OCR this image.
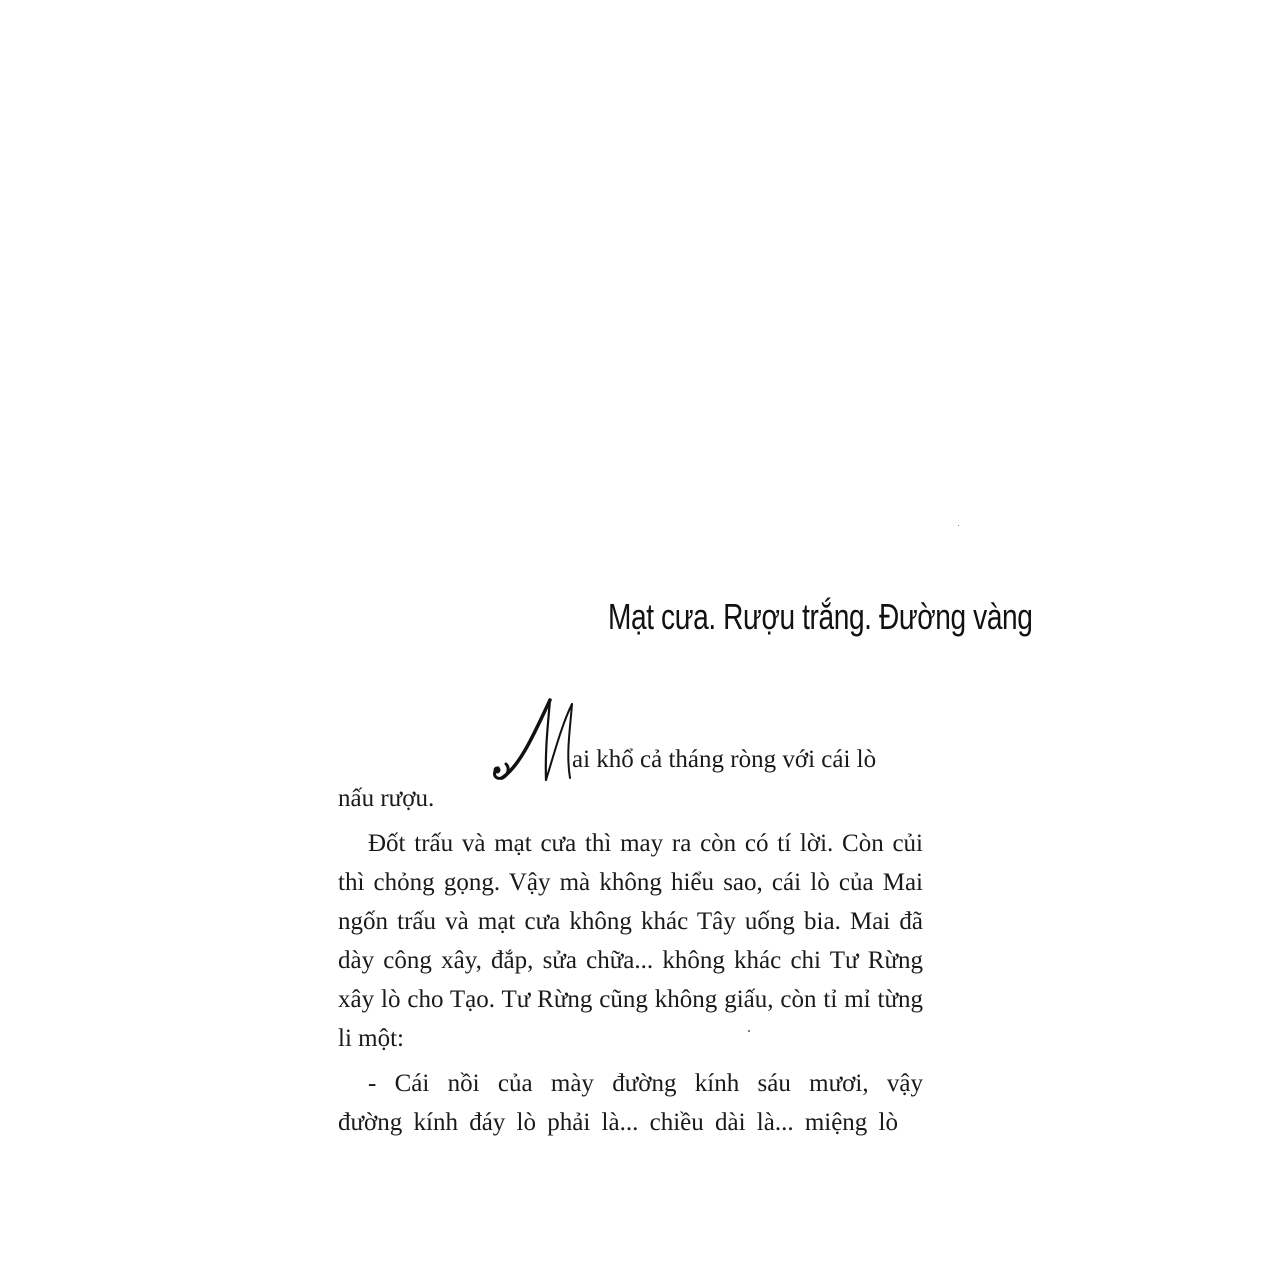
Mạt cưa. Rượu trắng. Đường vàng

ai khổ cả tháng ròng với cái lò

nấu rượu.

Đốt trấu và mạt cưa thì may ra còn có tí lời. Còn củi thì chỏng gọng. Vậy mà không hiểu sao, cái lò của Mai ngốn trấu và mạt cưa không khác Tây uống bia. Mai đã dày công xây, đắp, sửa chữa... không khác chi Tư Rừng xây lò cho Tạo. Tư Rừng cũng không giấu, còn tỉ mỉ từng li một:

- Cái nồi của mày đường kính sáu mươi, vậy đường kính đáy lò phải là... chiều dài là... miệng lò
